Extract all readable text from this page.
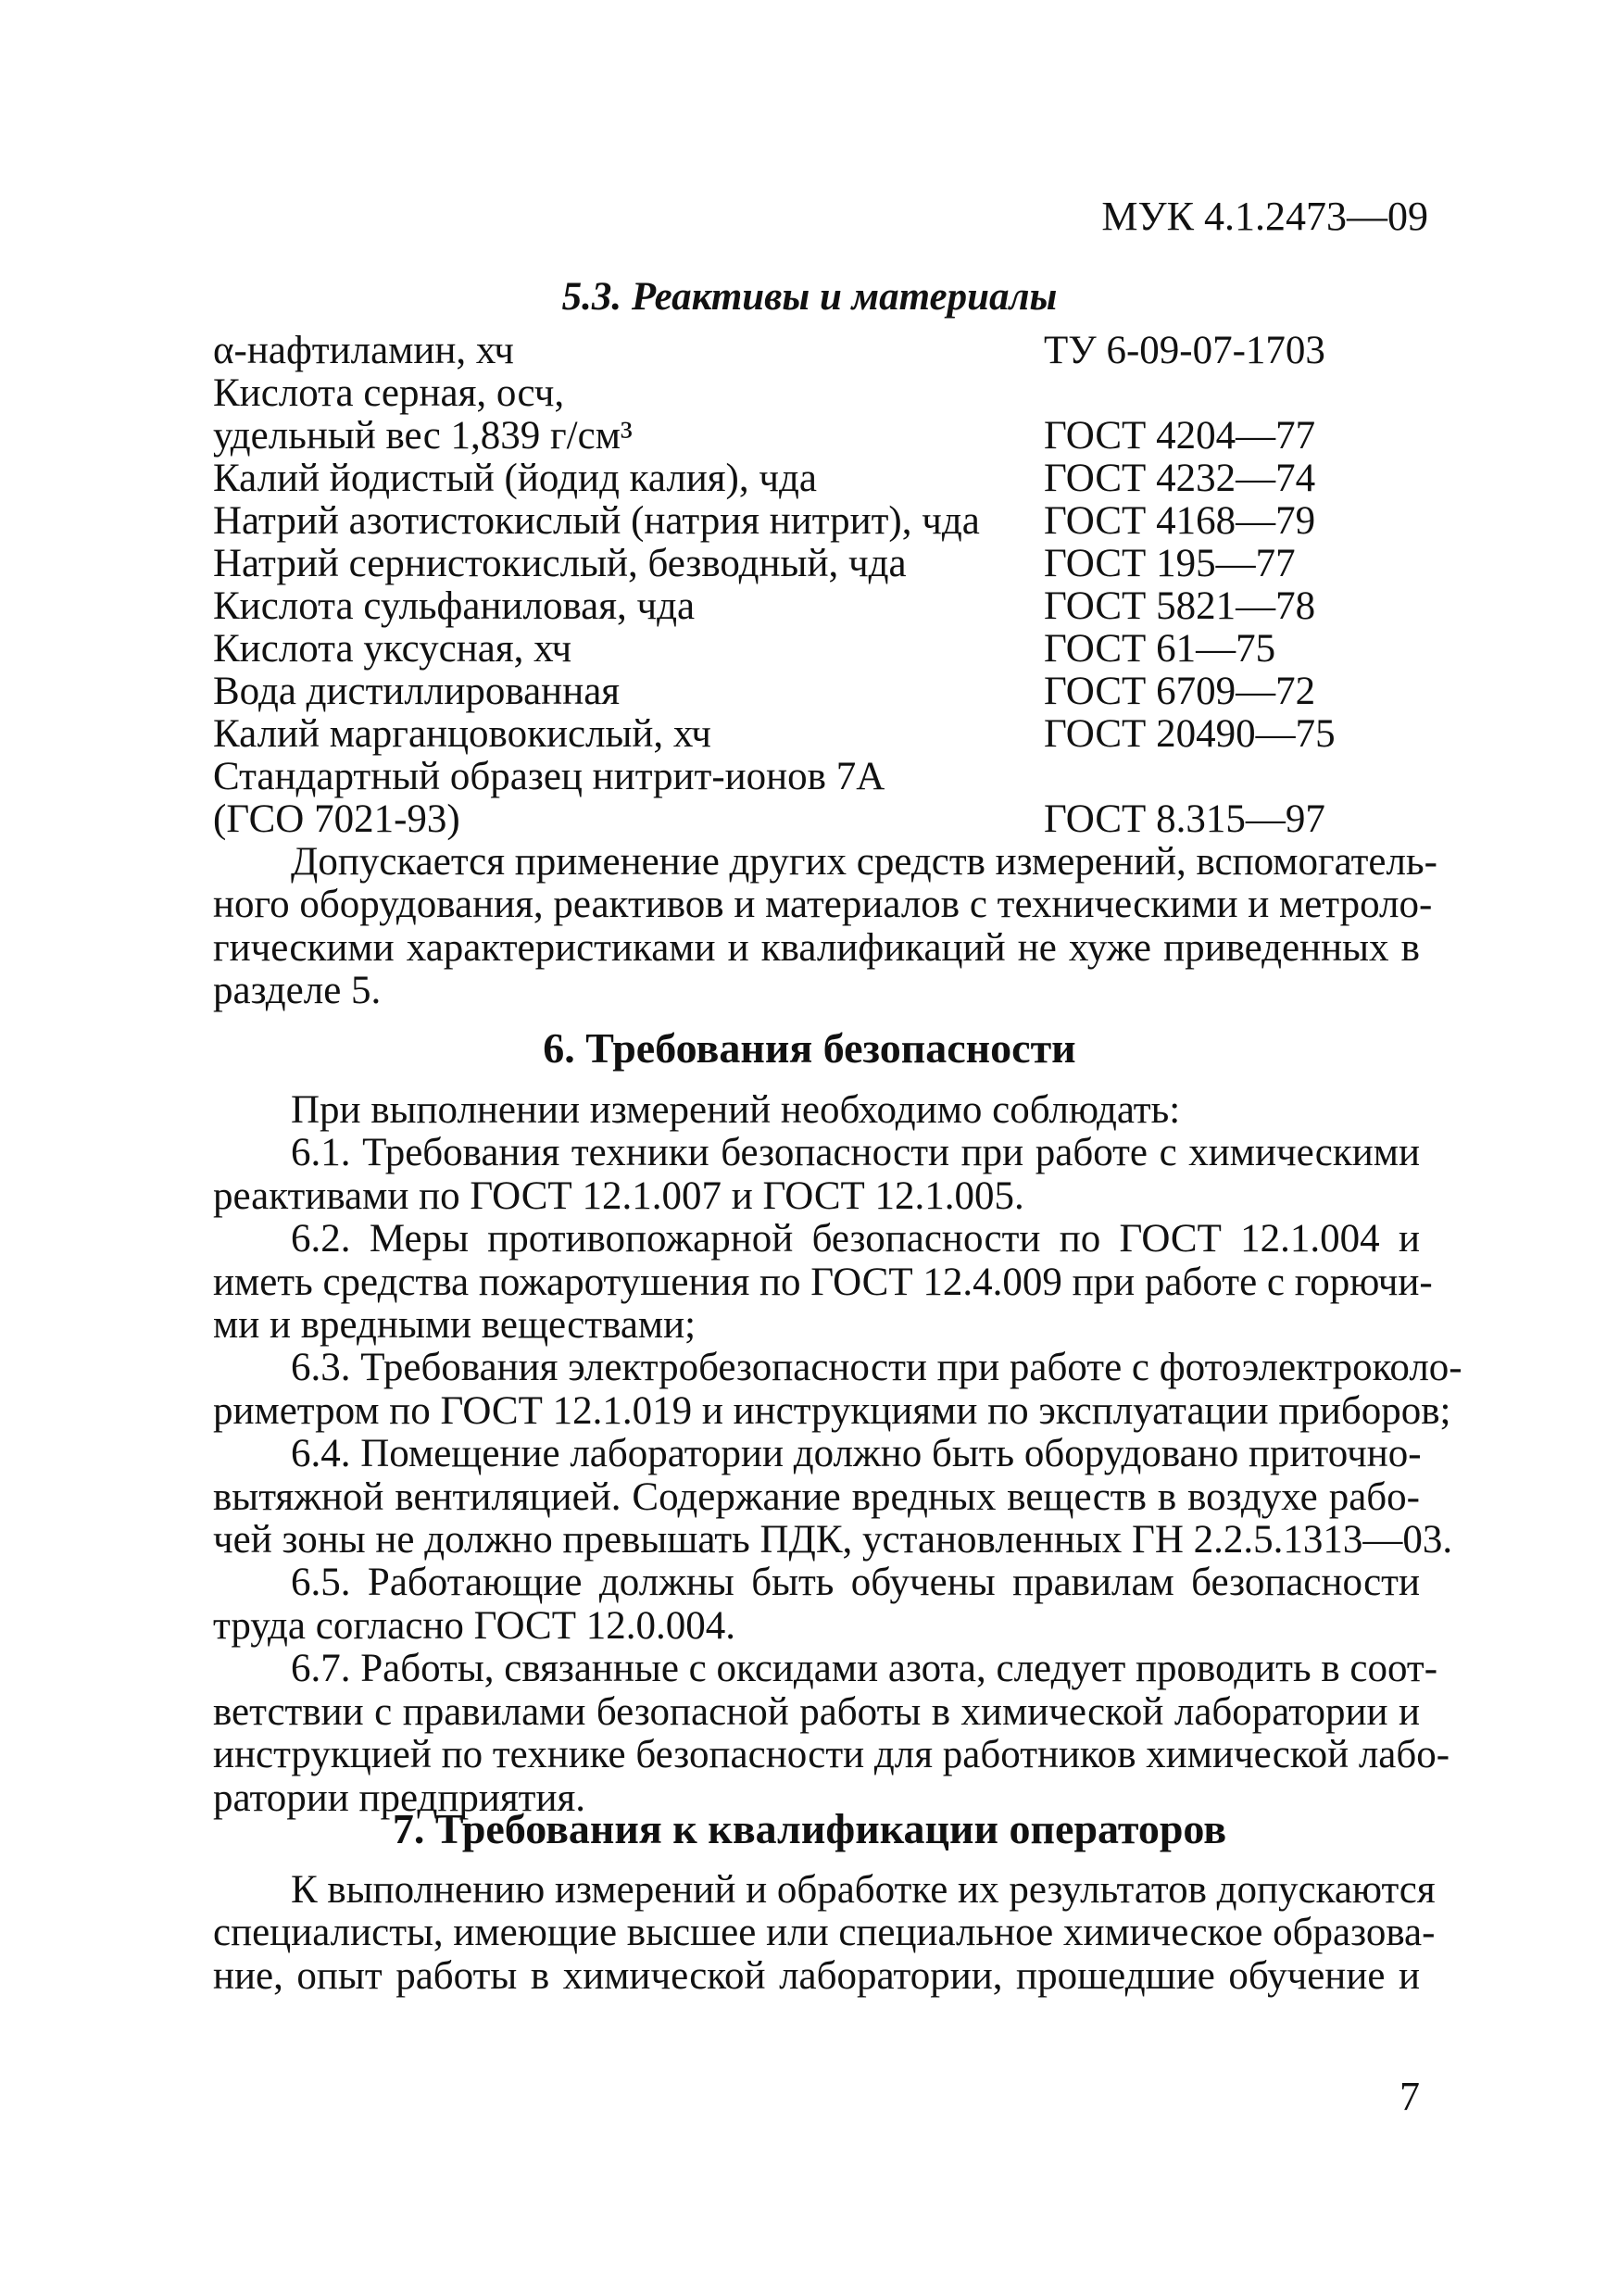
МУК 4.1.2473—09
5.3. Реактивы и материалы
α-нафтиламин, хч	ТУ 6-09-07-1703
Кислота серная, осч,
удельный вес 1,839 г/см³	ГОСТ 4204—77
Калий йодистый (йодид калия), чда	ГОСТ 4232—74
Натрий азотистокислый (натрия нитрит), чда ГОСТ 4168—79
Натрий сернистокислый, безводный, чда	ГОСТ 195—77
Кислота сульфаниловая, чда	ГОСТ 5821—78
Кислота уксусная, хч	ГОСТ 61—75
Вода дистиллированная	ГОСТ 6709—72
Калий марганцовокислый, хч	ГОСТ 20490—75
Стандартный образец нитрит-ионов 7А
(ГСО 7021-93)	ГОСТ 8.315—97
Допускается применение других средств измерений, вспомогатель-
ного оборудования, реактивов и материалов с техническими и метроло-
гическими характеристиками и квалификаций не хуже приведенных в
разделе 5.
6. Требования безопасности
При выполнении измерений необходимо соблюдать:
6.1. Требования техники безопасности при работе с химическими
реактивами по ГОСТ 12.1.007 и ГОСТ 12.1.005.
6.2. Меры противопожарной безопасности по ГОСТ 12.1.004 и
иметь средства пожаротушения по ГОСТ 12.4.009 при работе с горючи-
ми и вредными веществами;
6.3. Требования электробезопасности при работе с фотоэлектроколо-
риметром по ГОСТ 12.1.019 и инструкциями по эксплуатации приборов;
6.4. Помещение лаборатории должно быть оборудовано приточно-
вытяжной вентиляцией. Содержание вредных веществ в воздухе рабо-
чей зоны не должно превышать ПДК, установленных ГН 2.2.5.1313—03.
6.5. Работающие должны быть обучены правилам безопасности
труда согласно ГОСТ 12.0.004.
6.7. Работы, связанные с оксидами азота, следует проводить в соот-
ветствии с правилами безопасной работы в химической лаборатории и
инструкцией по технике безопасности для работников химической лабо-
ратории предприятия.
7. Требования к квалификации операторов
К выполнению измерений и обработке их результатов допускаются
специалисты, имеющие высшее или специальное химическое образова-
ние, опыт работы в химической лаборатории, прошедшие обучение и
7
